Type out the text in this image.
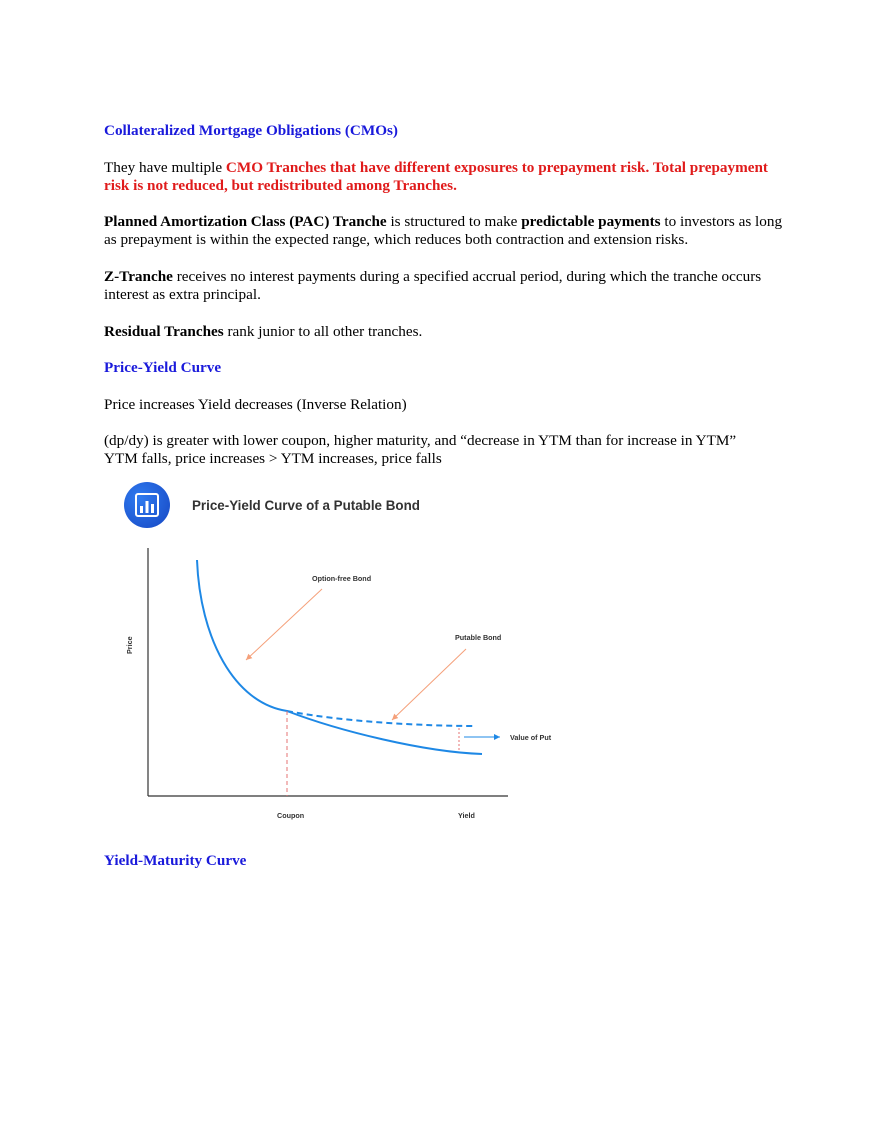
Collateralized Mortgage Obligations (CMOs)
They have multiple CMO Tranches that have different exposures to prepayment risk. Total prepayment risk is not reduced, but redistributed among Tranches.
Planned Amortization Class (PAC) Tranche is structured to make predictable payments to investors as long as prepayment is within the expected range, which reduces both contraction and extension risks.
Z-Tranche receives no interest payments during a specified accrual period, during which the tranche occurs interest as extra principal.
Residual Tranches rank junior to all other tranches.
Price-Yield Curve
Price increases Yield decreases (Inverse Relation)
(dp/dy) is greater with lower coupon, higher maturity, and “decrease in YTM than for increase in YTM”
YTM falls, price increases > YTM increases, price falls
Price-Yield Curve of a Putable Bond
Option-free Bond
Putable Bond
Value of Put
Price
Coupon	Yield
Yield-Maturity Curve
